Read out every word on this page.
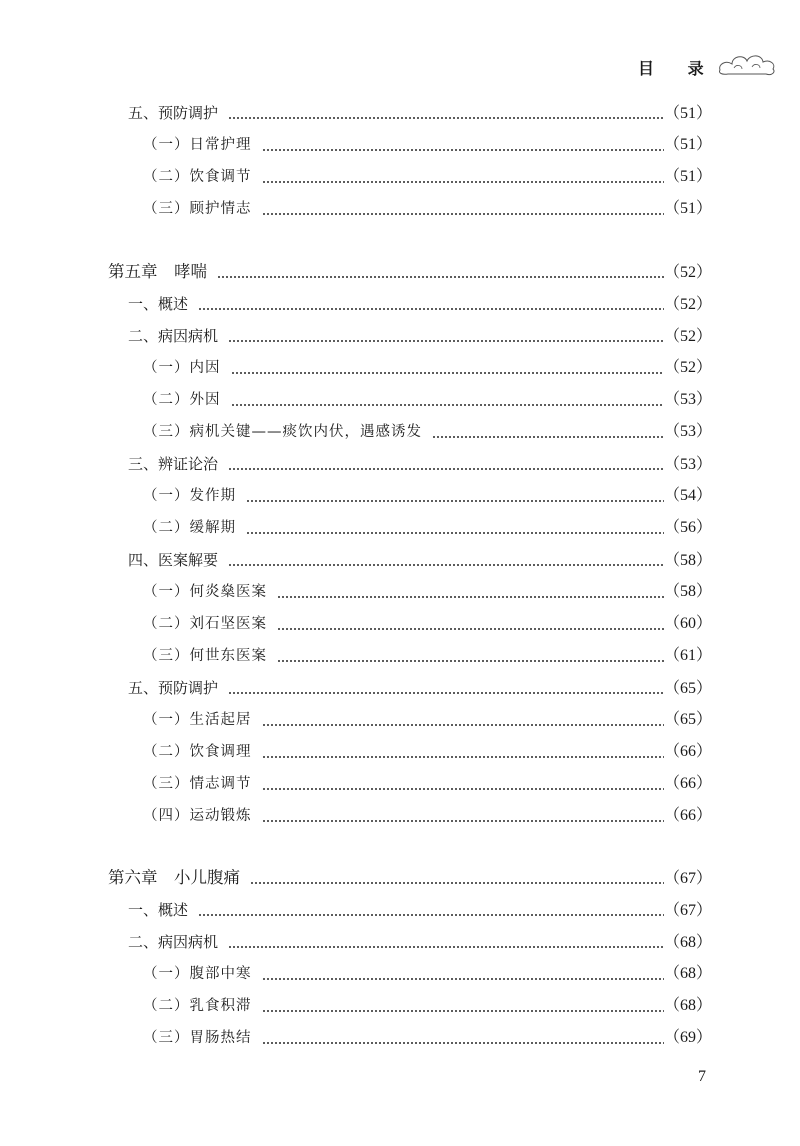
目 录
五、预防调护	（51）
（一）日常护理	（51）
（二）饮食调节	（51）
（三）顾护情志	（51）
第五章　哮喘	（52）
一、概述	（52）
二、病因病机	（52）
（一）内因	（52）
（二）外因	（53）
（三）病机关键——痰饮内伏，遇感诱发	（53）
三、辨证论治	（53）
（一）发作期	（54）
（二）缓解期	（56）
四、医案解要	（58）
（一）何炎燊医案	（58）
（二）刘石坚医案	（60）
（三）何世东医案	（61）
五、预防调护	（65）
（一）生活起居	（65）
（二）饮食调理	（66）
（三）情志调节	（66）
（四）运动锻炼	（66）
第六章　小儿腹痛	（67）
一、概述	（67）
二、病因病机	（68）
（一）腹部中寒	（68）
（二）乳食积滞	（68）
（三）胃肠热结	（69）
7
